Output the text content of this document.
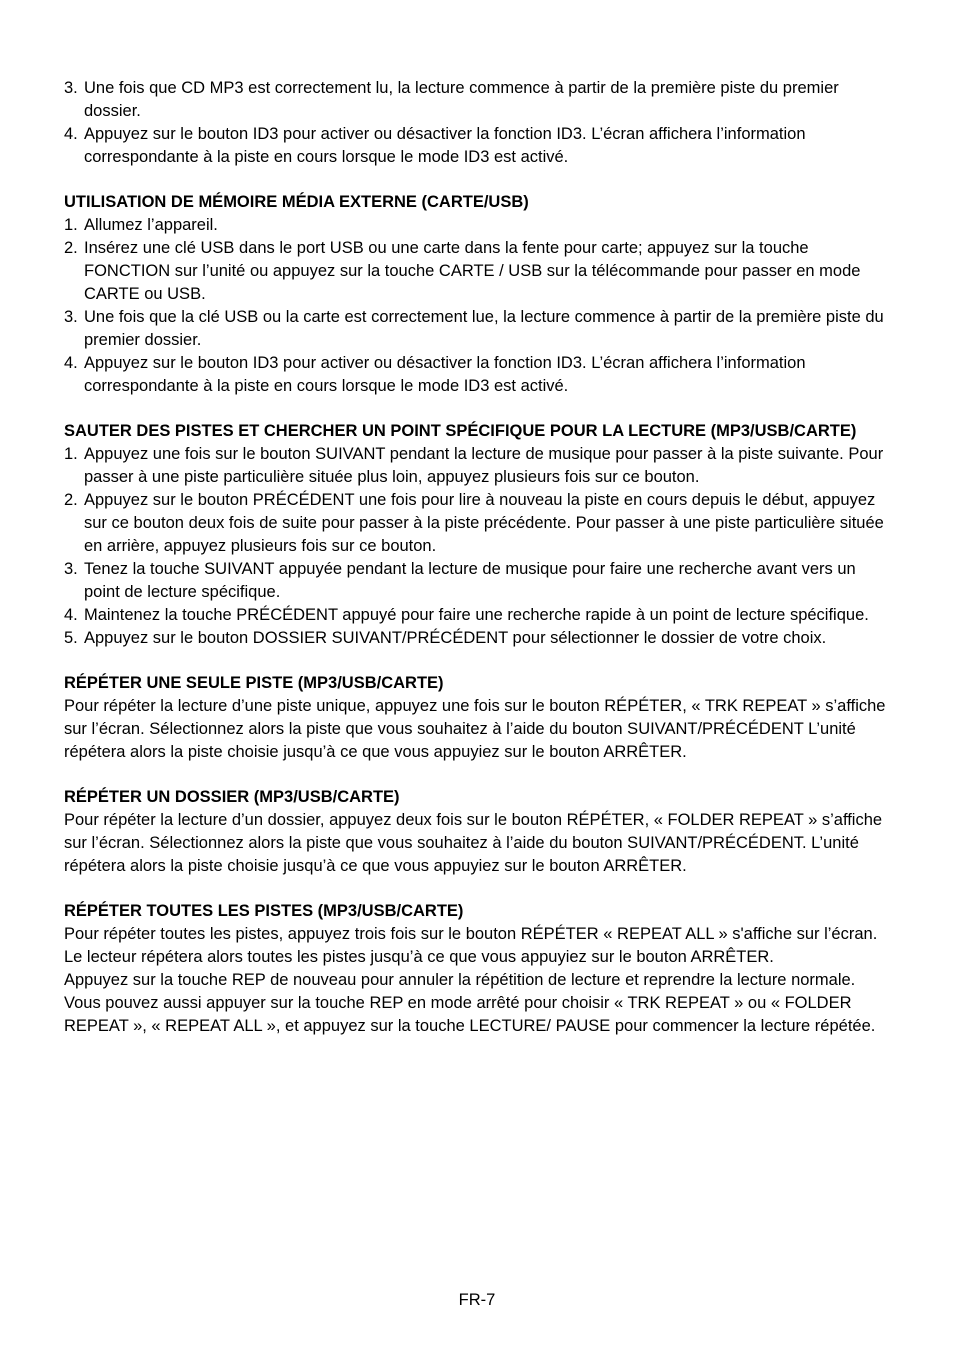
3. Une fois que CD MP3 est correctement lu, la lecture commence à partir de la première piste du premier dossier.

4. Appuyez sur le bouton ID3 pour activer ou désactiver la fonction ID3. L’écran affichera l’information correspondante à la piste en cours lorsque le mode ID3 est activé.

UTILISATION DE MÉMOIRE MÉDIA EXTERNE (CARTE/USB)

1. Allumez l’appareil.

2. Insérez une clé USB dans le port USB ou une carte dans la fente pour carte; appuyez sur la touche FONCTION sur l’unité ou appuyez sur la touche CARTE / USB sur la télécommande pour passer en mode CARTE ou USB.

3. Une fois que la clé USB ou la carte est correctement lue, la lecture commence à partir de la première piste du premier dossier.

4. Appuyez sur le bouton ID3 pour activer ou désactiver la fonction ID3. L’écran affichera l’information correspondante à la piste en cours lorsque le mode ID3 est activé.

SAUTER DES PISTES ET CHERCHER UN POINT SPÉCIFIQUE POUR LA LECTURE (MP3/USB/CARTE)

1. Appuyez une fois sur le bouton SUIVANT pendant la lecture de musique pour passer à la piste suivante. Pour passer à une piste particulière située plus loin, appuyez plusieurs fois sur ce bouton.

2. Appuyez sur le bouton PRÉCÉDENT une fois pour lire à nouveau la piste en cours depuis le début, appuyez sur ce bouton deux fois de suite pour passer à la piste précédente. Pour passer à une piste particulière située en arrière, appuyez plusieurs fois sur ce bouton.

3. Tenez la touche SUIVANT appuyée pendant la lecture de musique pour faire une recherche avant vers un point de lecture spécifique.

4. Maintenez la touche PRÉCÉDENT appuyé pour faire une recherche rapide à un point de lecture spécifique.

5. Appuyez sur le bouton DOSSIER SUIVANT/PRÉCÉDENT pour sélectionner le dossier de votre choix.

RÉPÉTER UNE SEULE PISTE (MP3/USB/CARTE)

Pour répéter la lecture d’une piste unique, appuyez une fois sur le bouton RÉPÉTER, « TRK REPEAT » s’affiche sur l’écran. Sélectionnez alors la piste que vous souhaitez à l’aide du bouton SUIVANT/PRÉCÉDENT L’unité répétera alors la piste choisie jusqu’à ce que vous appuyiez sur le bouton ARRÊTER.

RÉPÉTER UN DOSSIER (MP3/USB/CARTE)

Pour répéter la lecture d’un dossier, appuyez deux fois sur le bouton RÉPÉTER, « FOLDER REPEAT » s’affiche sur l’écran. Sélectionnez alors la piste que vous souhaitez à l’aide du bouton SUIVANT/PRÉCÉDENT. L’unité répétera alors la piste choisie jusqu’à ce que vous appuyiez sur le bouton ARRÊTER.

RÉPÉTER TOUTES LES PISTES (MP3/USB/CARTE)

Pour répéter toutes les pistes, appuyez trois fois sur le bouton RÉPÉTER « REPEAT ALL » s'affiche sur l’écran. Le lecteur répétera alors toutes les pistes jusqu’à ce que vous appuyiez sur le bouton ARRÊTER.

Appuyez sur la touche REP de nouveau pour annuler la répétition de lecture et reprendre la lecture normale.

Vous pouvez aussi appuyer sur la touche REP en mode arrêté pour choisir « TRK REPEAT » ou « FOLDER REPEAT », « REPEAT ALL », et appuyez sur la touche LECTURE/ PAUSE pour commencer la lecture répétée.

FR-7
